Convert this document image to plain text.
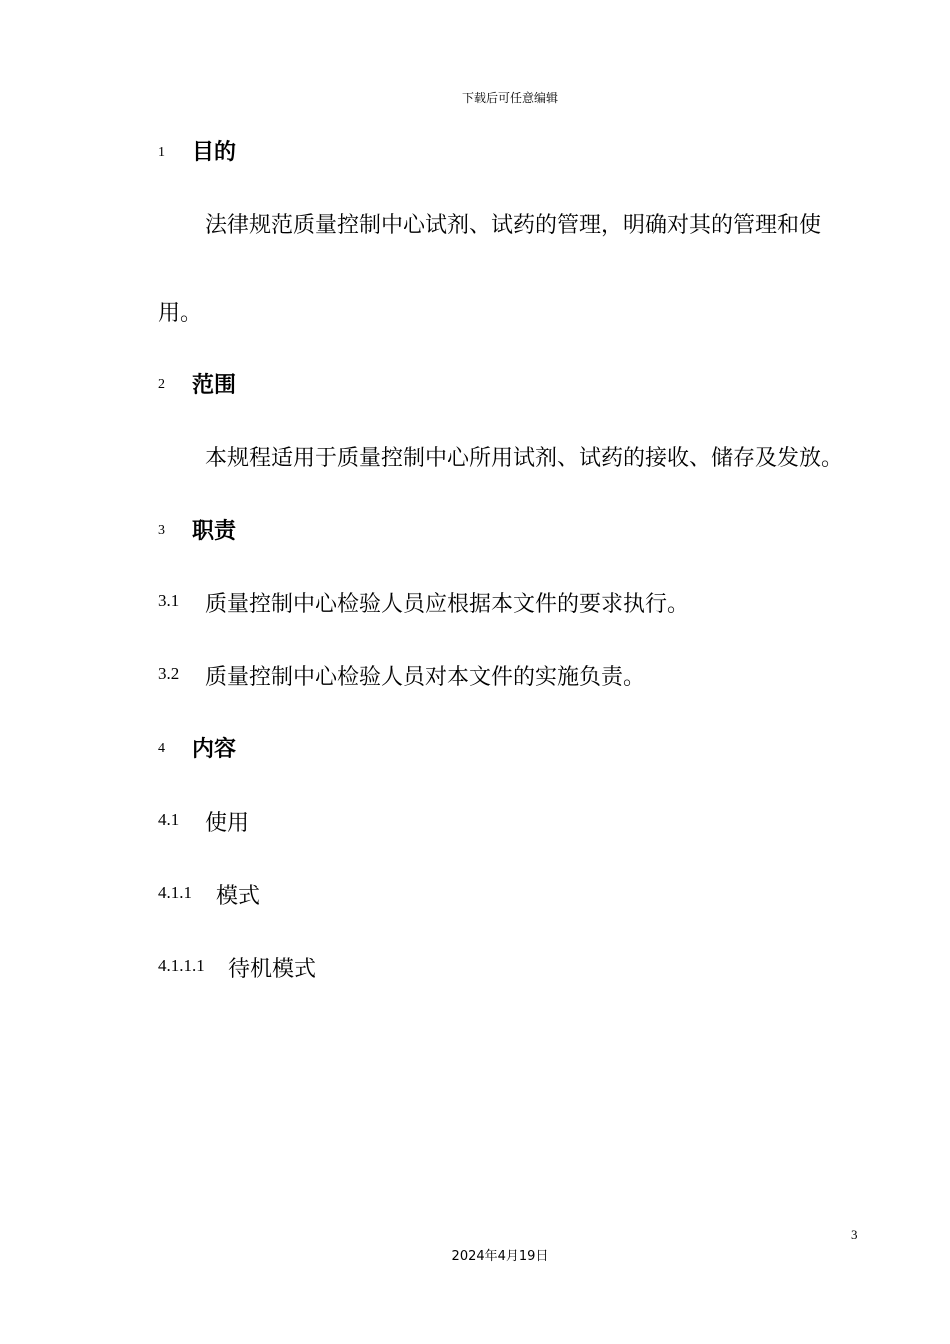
下载后可任意编辑
1 目的
法律规范质量控制中心试剂、试药的管理，明确对其的管理和使
用。
2 范围
本规程适用于质量控制中心所用试剂、试药的接收、储存及发放。
3 职责
3.1 质量控制中心检验人员应根据本文件的要求执行。
3.2 质量控制中心检验人员对本文件的实施负责。
4 内容
4.1 使用
4.1.1 模式
4.1.1.1 待机模式
3
2024年4月19日
